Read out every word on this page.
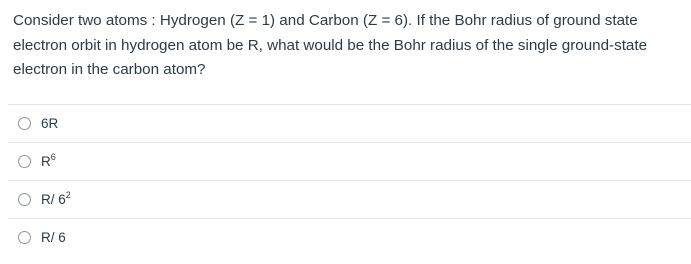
Consider two atoms : Hydrogen (Z = 1) and Carbon (Z = 6). If the Bohr radius of ground state electron orbit in hydrogen atom be R, what would be the Bohr radius of the single ground-state electron in the carbon atom?
6R
$R^6$
R/ $6^2$
R/ 6
